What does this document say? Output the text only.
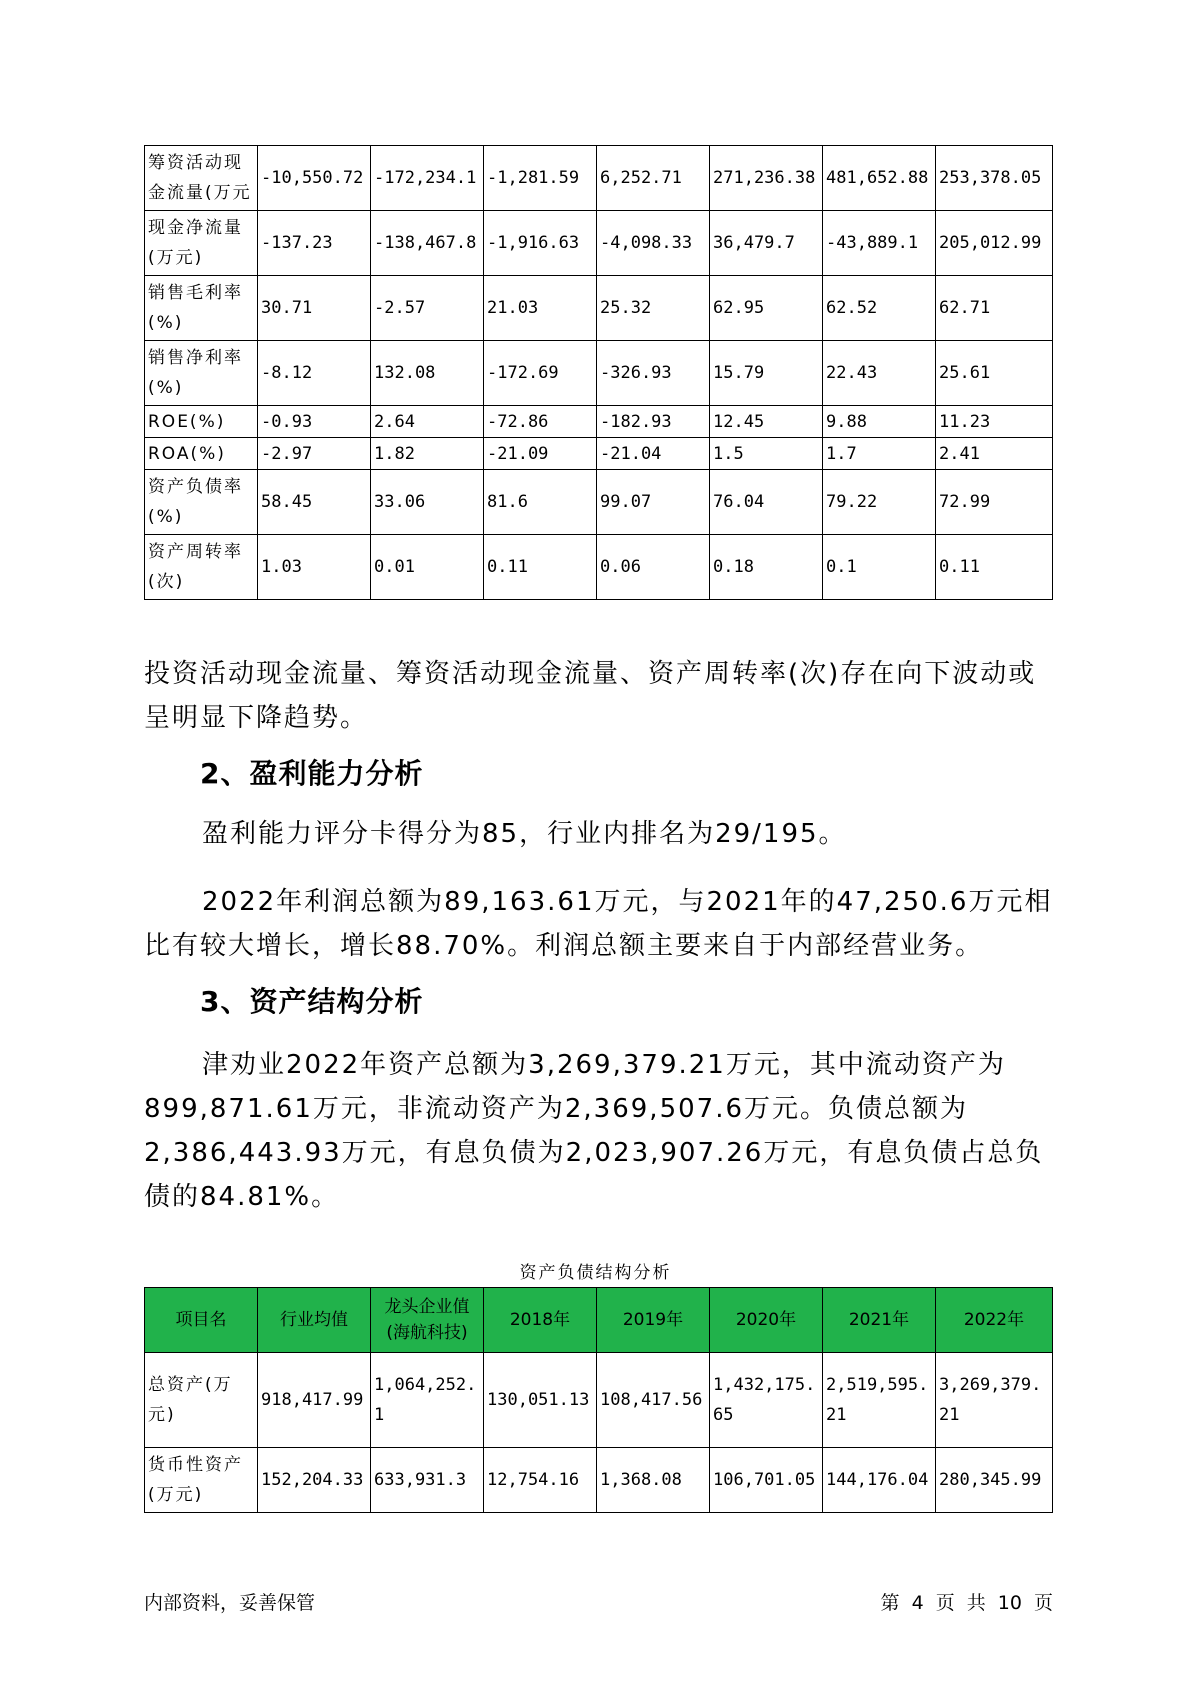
筹资活动现金流量(万元	-10,550.72	-172,234.1	-1,281.59	6,252.71	271,236.38	481,652.88	253,378.05
现金净流量(万元)	-137.23	-138,467.8	-1,916.63	-4,098.33	36,479.7	-43,889.1	205,012.99
销售毛利率(%)	30.71	-2.57	21.03	25.32	62.95	62.52	62.71
销售净利率(%)	-8.12	132.08	-172.69	-326.93	15.79	22.43	25.61
ROE(%)	-0.93	2.64	-72.86	-182.93	12.45	9.88	11.23
ROA(%)	-2.97	1.82	-21.09	-21.04	1.5	1.7	2.41
资产负债率(%)	58.45	33.06	81.6	99.07	76.04	79.22	72.99
资产周转率(次)	1.03	0.01	0.11	0.06	0.18	0.1	0.11

投资活动现金流量、筹资活动现金流量、资产周转率(次)存在向下波动或呈明显下降趋势。

2、盈利能力分析

盈利能力评分卡得分为85，行业内排名为29/195。

2022年利润总额为89,163.61万元，与2021年的47,250.6万元相比有较大增长，增长88.70%。利润总额主要来自于内部经营业务。

3、资产结构分析

津劝业2022年资产总额为3,269,379.21万元，其中流动资产为899,871.61万元，非流动资产为2,369,507.6万元。负债总额为2,386,443.93万元，有息负债为2,023,907.26万元，有息负债占总负债的84.81%。

资产负债结构分析
项目名	行业均值	龙头企业值(海航科技)	2018年	2019年	2020年	2021年	2022年
总资产(万元)	918,417.99	1,064,252.1	130,051.13	108,417.56	1,432,175.65	2,519,595.21	3,269,379.21
货币性资产(万元)	152,204.33	633,931.3	12,754.16	1,368.08	106,701.05	144,176.04	280,345.99
内部资料，妥善保管	第 4 页 共 10 页
